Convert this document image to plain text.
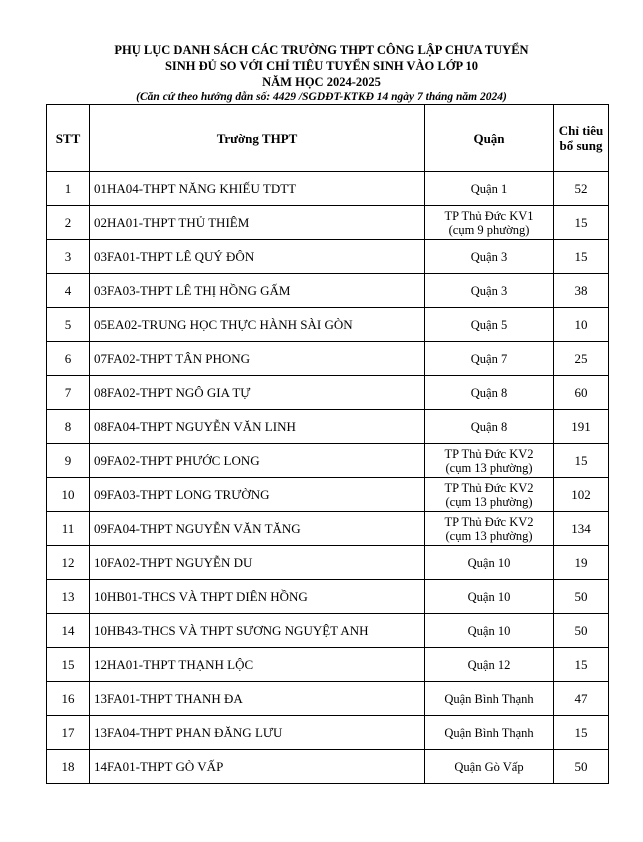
PHỤ LỤC DANH SÁCH CÁC TRƯỜNG THPT CÔNG LẬP CHƯA TUYỂN
SINH ĐỦ SO VỚI CHỈ TIÊU TUYỂN SINH VÀO LỚP 10
NĂM HỌC 2024-2025
(Căn cứ theo hướng dẫn số: 4429 /SGDĐT-KTKĐ 14 ngày 7 tháng năm 2024)
STT	Trường THPT	Quận	Chỉ tiêu bổ sung
1	01HA04-THPT NĂNG KHIẾU TDTT	Quận 1	52
2	02HA01-THPT THỦ THIÊM	TP Thủ Đức KV1
(cụm 9 phường)	15
3	03FA01-THPT LÊ QUÝ ĐÔN	Quận 3	15
4	03FA03-THPT LÊ THỊ HỒNG GẤM	Quận 3	38
5	05EA02-TRUNG HỌC THỰC HÀNH SÀI GÒN	Quận 5	10
6	07FA02-THPT TÂN PHONG	Quận 7	25
7	08FA02-THPT NGÔ GIA TỰ	Quận 8	60
8	08FA04-THPT NGUYỄN VĂN LINH	Quận 8	191
9	09FA02-THPT PHƯỚC LONG	TP Thủ Đức KV2
(cụm 13 phường)	15
10	09FA03-THPT LONG TRƯỜNG	TP Thủ Đức KV2
(cụm 13 phường)	102
11	09FA04-THPT NGUYỄN VĂN TĂNG	TP Thủ Đức KV2
(cụm 13 phường)	134
12	10FA02-THPT NGUYỄN DU	Quận 10	19
13	10HB01-THCS VÀ THPT DIÊN HỒNG	Quận 10	50
14	10HB43-THCS VÀ THPT SƯƠNG NGUYỆT ANH	Quận 10	50
15	12HA01-THPT THẠNH LỘC	Quận 12	15
16	13FA01-THPT THANH ĐA	Quận Bình Thạnh	47
17	13FA04-THPT PHAN ĐĂNG LƯU	Quận Bình Thạnh	15
18	14FA01-THPT GÒ VẤP	Quận Gò Vấp	50
